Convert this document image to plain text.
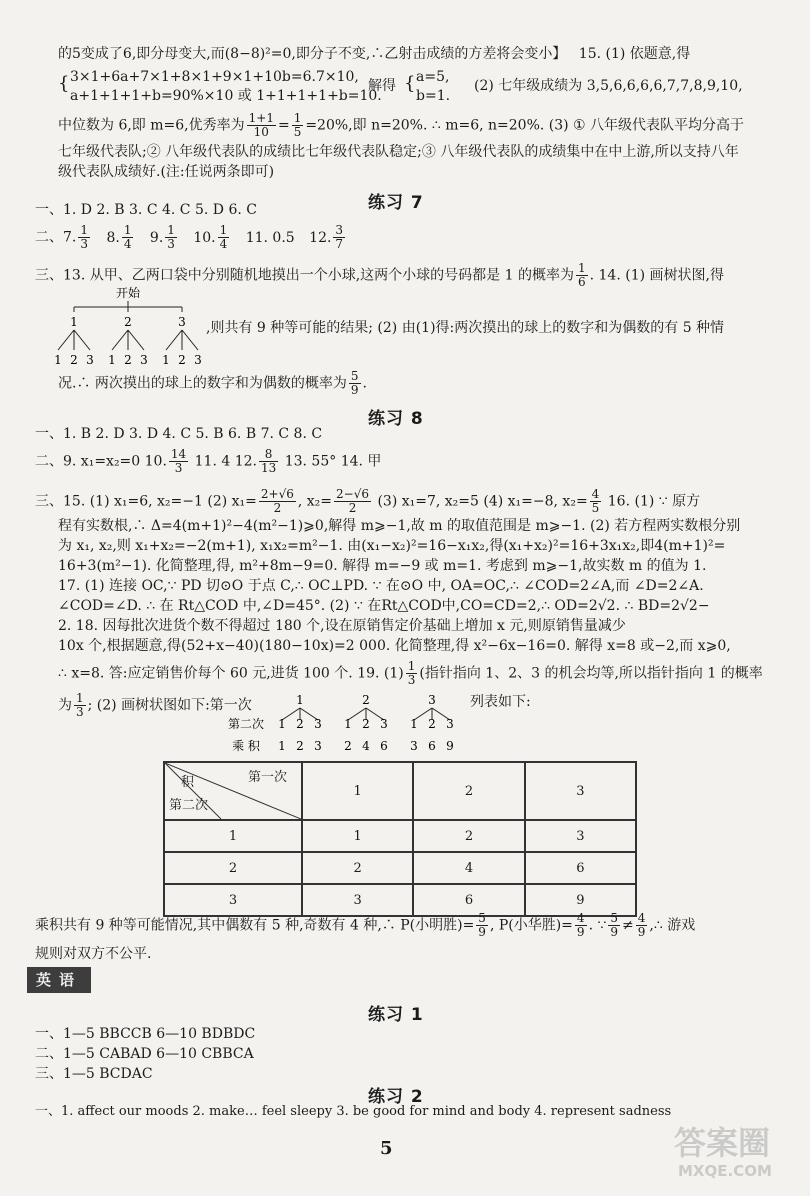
的5变成了6,即分母变大,而(8−8)²=0,即分子不变,∴乙射击成绩的方差将会变小】 15. (1) 依题意,得
{ 3×1+6a+7×1+8×1+9×1+10b=6.7×10,
a+1+1+1+b=90%×10 或 1+1+1+1+b=10.
解得 { a=5,
b=1.
(2) 七年级成绩为 3,5,6,6,6,6,7,7,8,9,10,
中位数为 6,即 m=6,优秀率为 $\frac{1+1}{10} = \frac{1}{5} =20\%$,即 n=20%. ∴ m=6, n=20%. (3) ① 八年级代表队平均分高于
七年级代表队;② 八年级代表队的成绩比七年级代表队稳定;③ 八年级代表队的成绩集中在中上游,所以支持八年
级代表队成绩好.(注:任说两条即可)
练习 7
一、1. D 2. B 3. C 4. C 5. D 6. C
二、7. $\frac{1}{3} 8$. $\frac{1}{4} 9$. $\frac{1}{3} 10$. $\frac{1}{4} 11$. 0.5 12. $\frac{3}{7}$
三、13. 从甲、乙两口袋中分别随机地摸出一个小球,这两个小球的号码都是 1 的概率为 $\frac{1}{6}$ . 14. (1) 画树状图,得
开始
1	2	3
1 2 3 1 2 3 1 2 3
,则共有 9 种等可能的结果; (2) 由(1)得:两次摸出的球上的数字和为偶数的有 5 种情
况.∴ 两次摸出的球上的数字和为偶数的概率为 $\frac{5}{9}$ .
练习 8
一、1. B 2. D 3. D 4. C 5. B 6. B 7. C 8. C
二、9. x₁=x₂=0 10. $\frac{14}{3} 11$. 4 12. $\frac{8}{13} 13$. 55° 14. 甲
三、15. (1) x₁=6, x₂=−1 (2) $x_1= \frac{2+√6}{2}$ , $x_2= \frac{2-√6}{2} (3)$ x₁=7, x₂=5 (4) x₁=−8, $x_2= \frac{4}{5} 16$. (1) ∵ 原方
程有实数根,∴ Δ=4(m+1)²−4(m²−1)⩾0,解得 m⩾−1,故 m 的取值范围是 m⩾−1. (2) 若方程两实数根分别
为 x₁, x₂,则 x₁+x₂=−2(m+1), x₁x₂=m²−1. 由(x₁−x₂)²=16−x₁x₂,得(x₁+x₂)²=16+3x₁x₂,即4(m+1)²=
16+3(m²−1). 化简整理,得, m²+8m−9=0. 解得 m=−9 或 m=1. 考虑到 m⩾−1,故实数 m 的值为 1.
17. (1) 连接 OC,∵ PD 切⊙O 于点 C,∴ OC⊥PD. ∵ 在⊙O 中, OA=OC,∴ ∠COD=2∠A,而 ∠D=2∠A.
∠COD=∠D. ∴ 在 Rt△COD 中,∠D=45°. (2) ∵ 在Rt△COD中,CO=CD=2,∴ OD=2√2. ∴ BD=2√2−
2. 18. 因每批次进货个数不得超过 180 个,设在原销售定价基础上增加 x 元,则原销售量减少
10x 个,根据题意,得(52+x−40)(180−10x)=2 000. 化简整理,得 x²−6x−16=0. 解得 x=8 或−2,而 x⩾0,
∴ x=8. 答:应定销售价每个 60 元,进货 100 个. 19. $(1) \frac{1}{3}$ (指针指向 1、2、3 的机会均等,所以指针指向 1 的概率
为 $\frac{1}{3}$ ; (2) 画树状图如下:第一次	列表如下:
1	2	3
第二次 1 2 3 1 2 3 1 2 3
乘 积 1 2 3 2 4 6 3 6 9
第一次
积
第二次	1	2	3
1	1	2	3
2	2	4	6
3	3	6	9
乘积共有 9 种等可能情况,其中偶数有 5 种,奇数有 4 种,∴ P(小明胜)= $\frac{5}{9}$ , P(小华胜)= $\frac{4}{9}$ . ∵ $\frac{5}{9} \ne \frac{4}{9}$ ,∴ 游戏
规则对双方不公平.
英语
练习 1
一、1—5 BBCCB 6—10 BDBDC
二、1—5 CABAD 6—10 CBBCA
三、1—5 BCDAC
练习 2
一、1. affect our moods 2. make… feel sleepy 3. be good for mind and body 4. represent sadness
5	答案圈
MXQE.COM
